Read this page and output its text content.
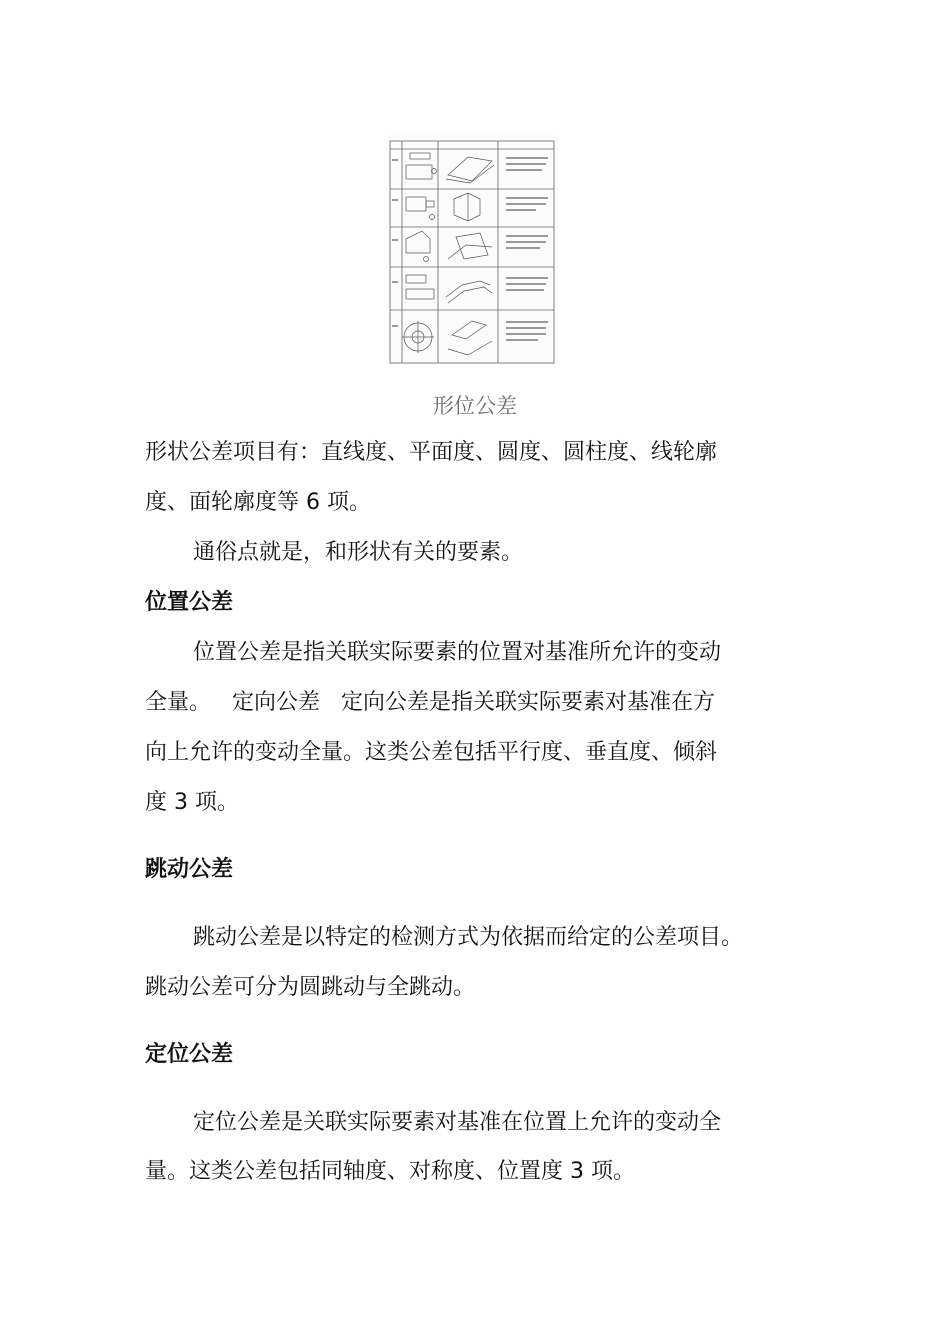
形位公差
形状公差项目有：直线度、平面度、圆度、圆柱度、线轮廓
度、面轮廓度等 6 项。
通俗点就是，和形状有关的要素。
位置公差
位置公差是指关联实际要素的位置对基准所允许的变动
全量。   定向公差   定向公差是指关联实际要素对基准在方
向上允许的变动全量。这类公差包括平行度、垂直度、倾斜
度 3 项。
跳动公差
跳动公差是以特定的检测方式为依据而给定的公差项目。
跳动公差可分为圆跳动与全跳动。
定位公差
定位公差是关联实际要素对基准在位置上允许的变动全
量。这类公差包括同轴度、对称度、位置度 3 项。
